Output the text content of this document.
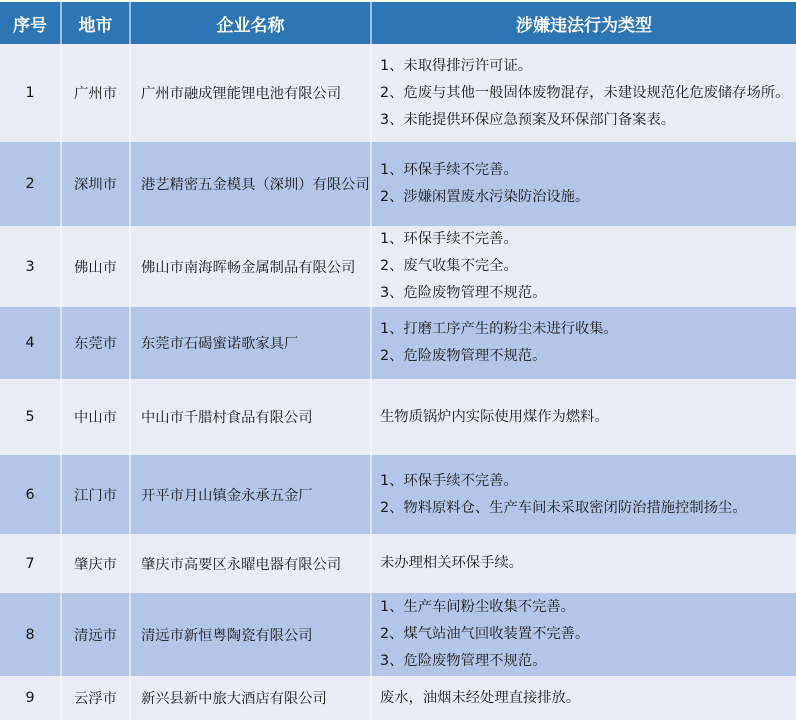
序号	地市	企业名称	涉嫌违法行为类型
1	广州市	广州市融成锂能锂电池有限公司
1、未取得排污许可证。
2、危废与其他一般固体废物混存，未建设规范化危废储存场所。
3、未能提供环保应急预案及环保部门备案表。
2	深圳市	港艺精密五金模具（深圳）有限公司
1、环保手续不完善。
2、涉嫌闲置废水污染防治设施。
3	佛山市	佛山市南海晖畅金属制品有限公司
1、环保手续不完善。
2、废气收集不完全。
3、危险废物管理不规范。
4	东莞市	东莞市石碣蜜诺歌家具厂
1、打磨工序产生的粉尘未进行收集。
2、危险废物管理不规范。
5	中山市	中山市千腊村食品有限公司	生物质锅炉内实际使用煤作为燃料。
6	江门市	开平市月山镇金永承五金厂
1、环保手续不完善。
2、物料原料仓、生产车间未采取密闭防治措施控制扬尘。
7	肇庆市	肇庆市高要区永曜电器有限公司	未办理相关环保手续。
8	清远市	清远市新恒粤陶瓷有限公司
1、生产车间粉尘收集不完善。
2、煤气站油气回收装置不完善。
3、危险废物管理不规范。
9	云浮市	新兴县新中旅大酒店有限公司	废水，油烟未经处理直接排放。
